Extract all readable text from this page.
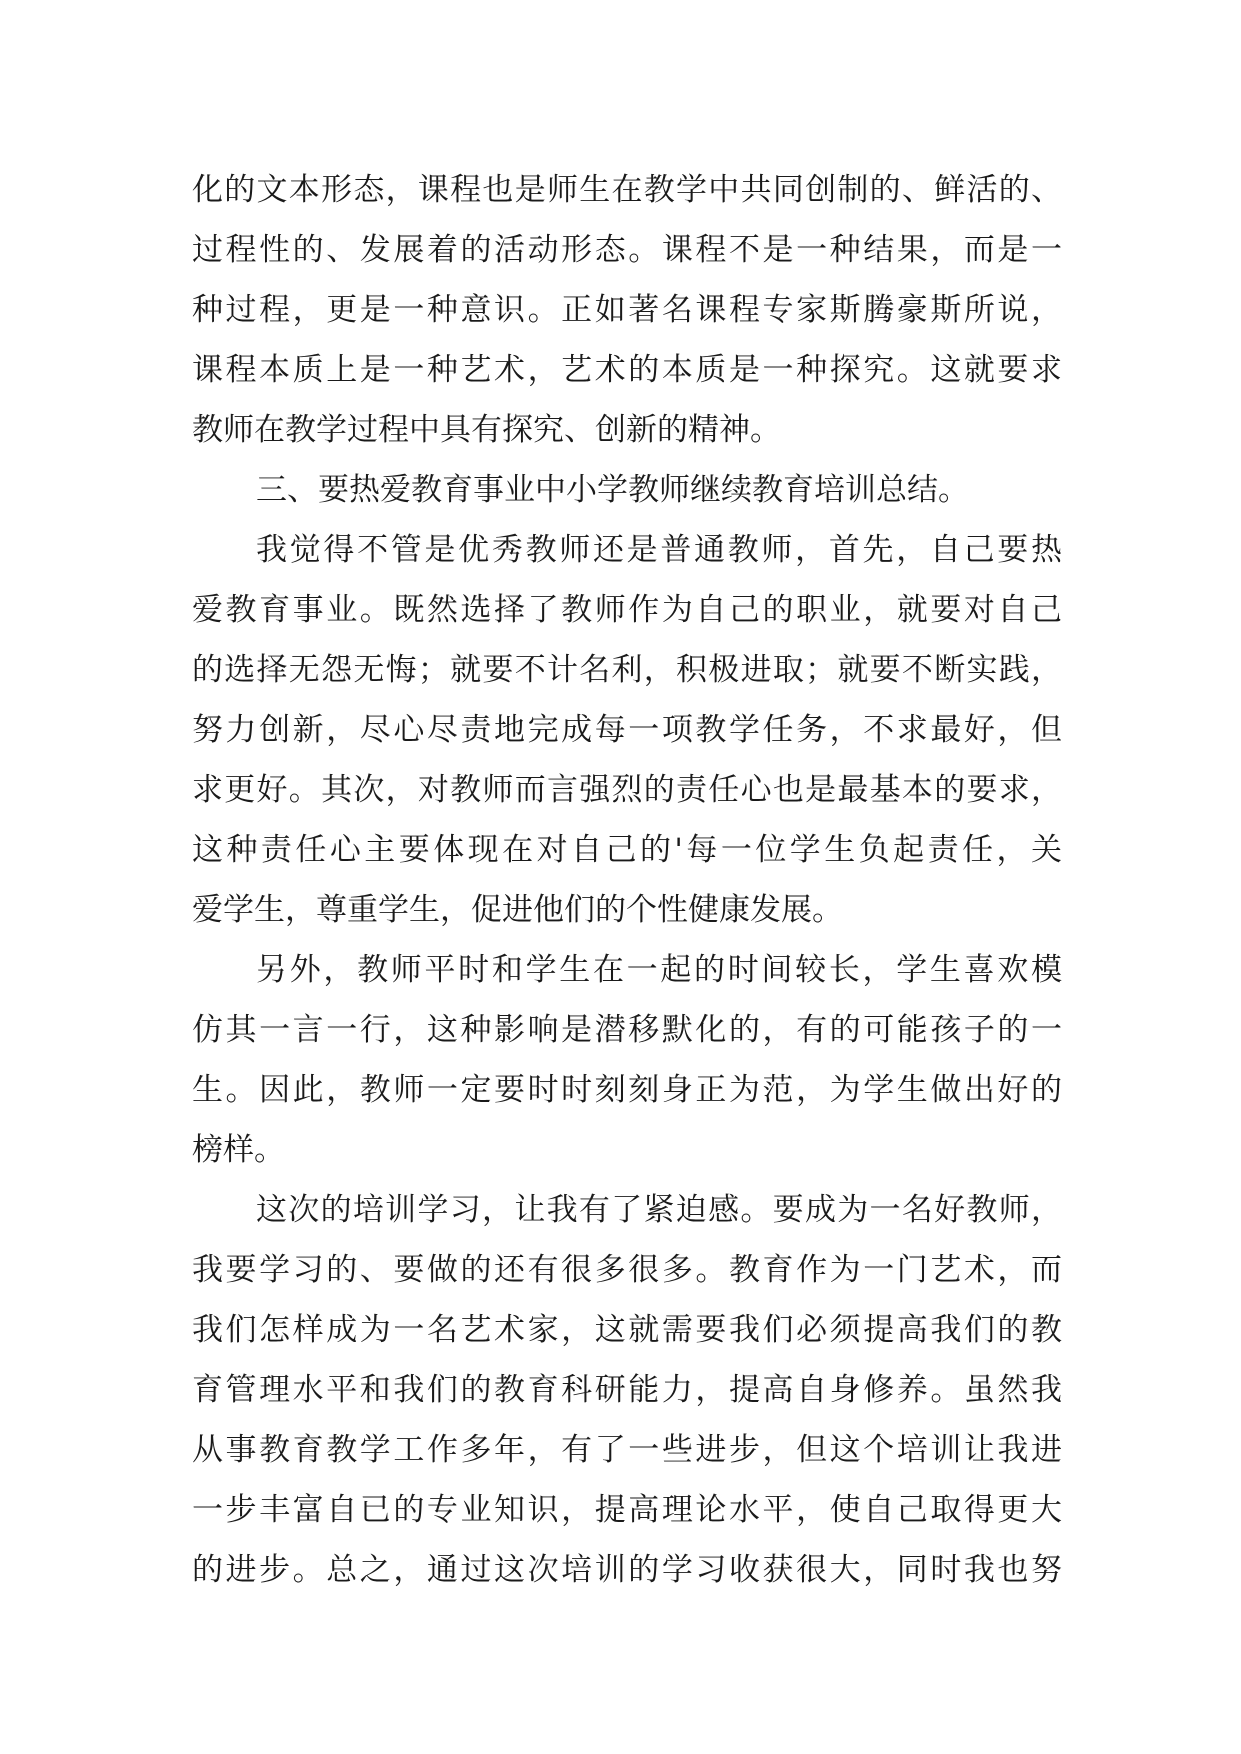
化的文本形态，课程也是师生在教学中共同创制的、鲜活的、
过程性的、发展着的活动形态。课程不是一种结果，而是一
种过程，更是一种意识。正如著名课程专家斯腾豪斯所说，
课程本质上是一种艺术，艺术的本质是一种探究。这就要求
教师在教学过程中具有探究、创新的精神。
三、要热爱教育事业中小学教师继续教育培训总结。
我觉得不管是优秀教师还是普通教师，首先，自己要热
爱教育事业。既然选择了教师作为自己的职业，就要对自己
的选择无怨无悔；就要不计名利，积极进取；就要不断实践，
努力创新，尽心尽责地完成每一项教学任务，不求最好，但
求更好。其次，对教师而言强烈的责任心也是最基本的要求，
这种责任心主要体现在对自己的'每一位学生负起责任，关
爱学生，尊重学生，促进他们的个性健康发展。
另外，教师平时和学生在一起的时间较长，学生喜欢模
仿其一言一行，这种影响是潜移默化的，有的可能孩子的一
生。因此，教师一定要时时刻刻身正为范，为学生做出好的
榜样。
这次的培训学习，让我有了紧迫感。要成为一名好教师，
我要学习的、要做的还有很多很多。教育作为一门艺术，而
我们怎样成为一名艺术家，这就需要我们必须提高我们的教
育管理水平和我们的教育科研能力，提高自身修养。虽然我
从事教育教学工作多年，有了一些进步，但这个培训让我进
一步丰富自已的专业知识，提高理论水平，使自己取得更大
的进步。总之，通过这次培训的学习收获很大，同时我也努
